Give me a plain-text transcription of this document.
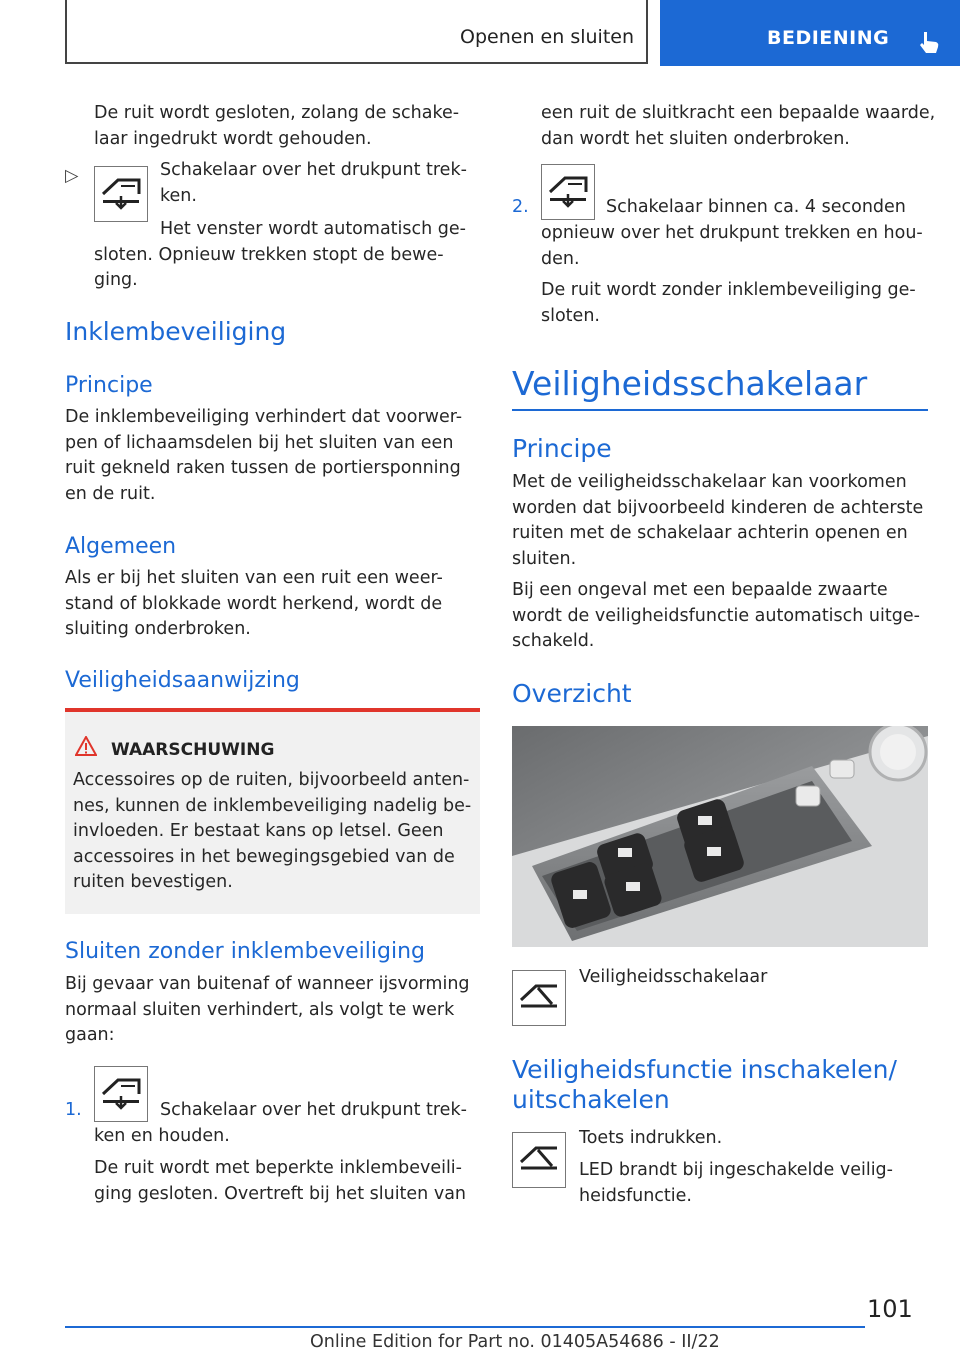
Openen en sluiten	BEDIENING

De ruit wordt gesloten, zolang de schake-laar ingedrukt wordt gehouden.

▷	Schakelaar over het drukpunt trek-
ken.

Het venster wordt automatisch ge-sloten. Opnieuw trekken stopt de bewe-ging.

Inklembeveiliging
Principe

De inklembeveiliging verhindert dat voorwer-pen of lichaamsdelen bij het sluiten van een ruit gekneld raken tussen de portiersponning en de ruit.

Algemeen

Als er bij het sluiten van een ruit een weer-stand of blokkade wordt herkend, wordt de sluiting onderbroken.

Veiligheidsaanwijzing
WAARSCHUWING

Accessoires op de ruiten, bijvoorbeeld anten-nes, kunnen de inklembeveiliging nadelig be-invloeden. Er bestaat kans op letsel. Geen accessoires in het bewegingsgebied van de ruiten bevestigen.

Sluiten zonder inklembeveiliging

Bij gevaar van buitenaf of wanneer ijsvorming normaal sluiten verhindert, als volgt te werk gaan:

1.	Schakelaar over het drukpunt trek-
ken en houden.

De ruit wordt met beperkte inklembeveili-ging gesloten. Overtreft bij het sluiten van

een ruit de sluitkracht een bepaalde waarde, dan wordt het sluiten onderbroken.

2.	Schakelaar binnen ca. 4 seconden

opnieuw over het drukpunt trekken en hou-den.

De ruit wordt zonder inklembeveiliging ge-sloten.

Veiligheidsschakelaar
Principe

Met de veiligheidsschakelaar kan voorkomen worden dat bijvoorbeeld kinderen de achterste ruiten met de schakelaar achterin openen en sluiten.

Bij een ongeval met een bepaalde zwaarte wordt de veiligheidsfunctie automatisch uitge-schakeld.

Overzicht
Veiligheidsschakelaar
Veiligheidsfunctie inschakelen/ uitschakelen
Toets indrukken.

LED brandt bij ingeschakelde veilig-heidsfunctie.

101
Online Edition for Part no. 01405A54686 - II/22
